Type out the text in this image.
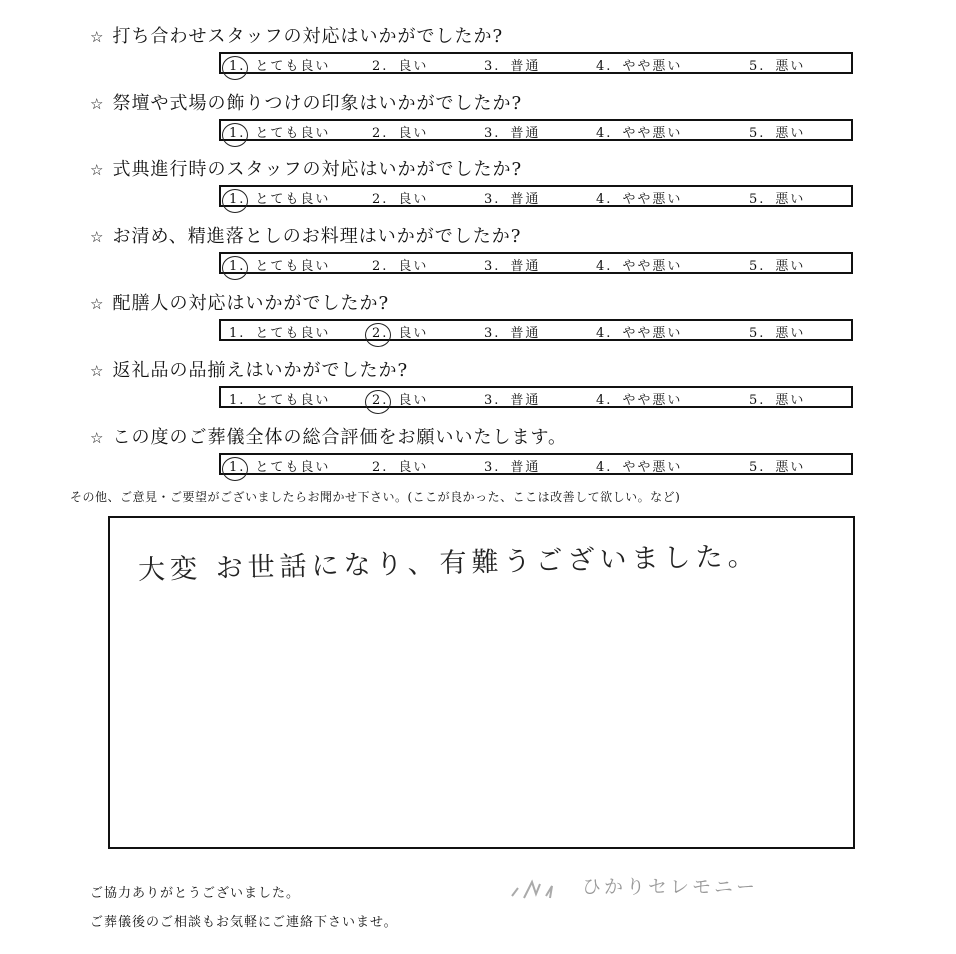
☆ 打ち合わせスタッフの対応はいかがでしたか?
1. とても良い	2. 良い	3. 普通	4. やや悪い	5. 悪い
☆ 祭壇や式場の飾りつけの印象はいかがでしたか?
1. とても良い	2. 良い	3. 普通	4. やや悪い	5. 悪い
☆ 式典進行時のスタッフの対応はいかがでしたか?
1. とても良い	2. 良い	3. 普通	4. やや悪い	5. 悪い
☆ お清め、精進落としのお料理はいかがでしたか?
1. とても良い	2. 良い	3. 普通	4. やや悪い	5. 悪い
☆ 配膳人の対応はいかがでしたか?
1. とても良い	2. 良い	3. 普通	4. やや悪い	5. 悪い
☆ 返礼品の品揃えはいかがでしたか?
1. とても良い	2. 良い	3. 普通	4. やや悪い	5. 悪い
☆ この度のご葬儀全体の総合評価をお願いいたします。
1. とても良い	2. 良い	3. 普通	4. やや悪い	5. 悪い
その他、ご意見・ご要望がございましたらお聞かせ下さい。(ここが良かった、ここは改善して欲しい。など)
大変 お世話になり、有難うございました。
ご協力ありがとうございました。
ご葬儀後のご相談もお気軽にご連絡下さいませ。
ひかりセレモニー
